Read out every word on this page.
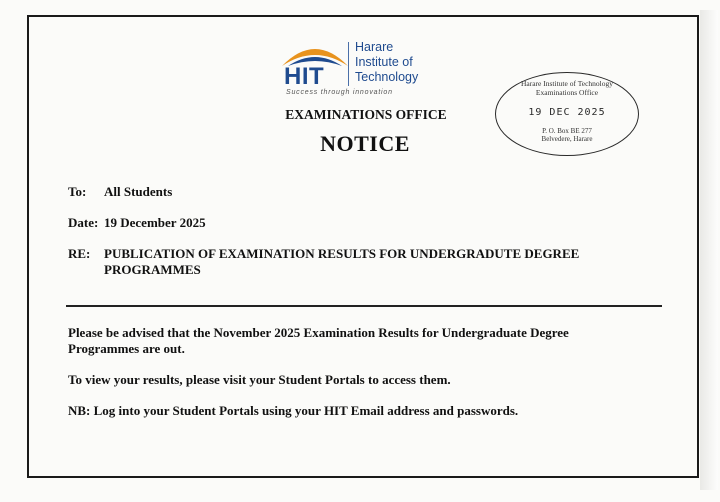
HIT
Harare
Institute of
Technology
Success through innovation
EXAMINATIONS OFFICE
NOTICE
Harare Institute of Technology
Examinations Office
19 DEC 2025
P. O. Box BE 277
Belvedere, Harare
To: All Students
Date: 19 December 2025
RE: PUBLICATION OF EXAMINATION RESULTS FOR UNDERGRADUTE DEGREE
PROGRAMMES
Please be advised that the November 2025 Examination Results for Undergraduate Degree
Programmes are out.
To view your results, please visit your Student Portals to access them.
NB: Log into your Student Portals using your HIT Email address and passwords.
